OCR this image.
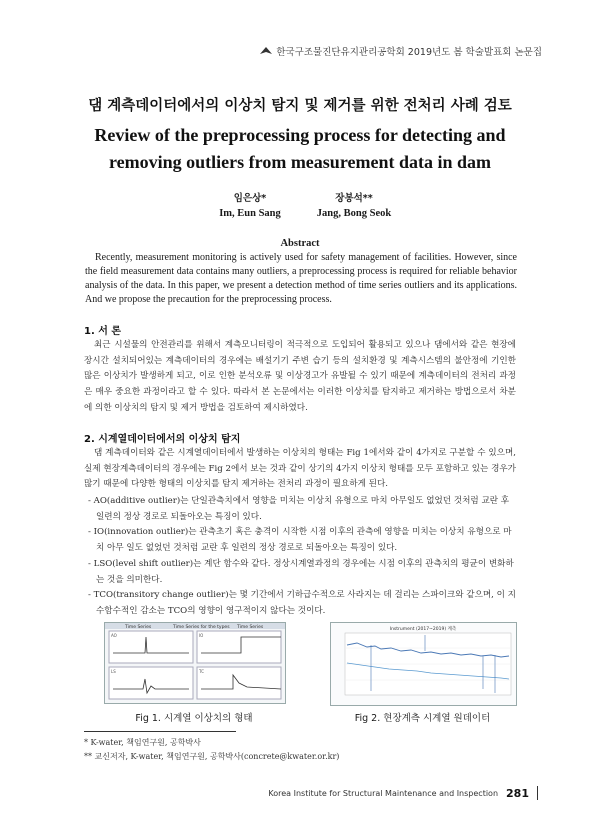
한국구조물진단유지관리공학회 2019년도 봄 학술발표회 논문집
댐 계측데이터에서의 이상치 탐지 및 제거를 위한 전처리 사례 검토
Review of the preprocessing process for detecting and removing outliers from measurement data in dam
임은상*
Im, Eun Sang
장봉석**
Jang, Bong Seok
Abstract
Recently, measurement monitoring is actively used for safety management of facilities. However, since the field measurement data contains many outliers, a preprocessing process is required for reliable behavior analysis of the data. In this paper, we present a detection method of time series outliers and its applications. And we propose the precaution for the preprocessing process.
1. 서 론
최근 시설물의 안전관리를 위해서 계측모니터링이 적극적으로 도입되어 활용되고 있으나 댐에서와 같은 현장에 장시간 설치되어있는 계측데이터의 경우에는 배설기기 주변 습기 등의 설치환경 및 계측시스템의 불안정에 기인한 많은 이상치가 발생하게 되고, 이로 인한 분석오류 및 이상경고가 유발될 수 있기 때문에 계측데이터의 전처리 과정은 매우 중요한 과정이라고 할 수 있다. 따라서 본 논문에서는 이러한 이상치를 탐지하고 제거하는 방법으로서 차분에 의한 이상치의 탐지 및 제거 방법을 검토하여 제시하였다.
2. 시계열데이터에서의 이상치 탐지
댐 계측데이터와 같은 시계열데이터에서 발생하는 이상치의 형태는 Fig 1에서와 같이 4가지로 구분할 수 있으며, 실제 현장계측데이터의 경우에는 Fig 2에서 보는 것과 같이 상기의 4가지 이상치 형태를 모두 포함하고 있는 경우가 많기 때문에 다양한 형태의 이상치를 탐지 제거하는 전처리 과정이 필요하게 된다.
- AO(additive outlier)는 단일관측치에서 영향을 미치는 이상치 유형으로 마치 아무일도 없었던 것처럼 교란 후 일련의 정상 경로로 되돌아오는 특징이 있다.
- IO(innovation outlier)는 관측초기 혹은 충격이 시작한 시점 이후의 관측에 영향을 미치는 이상치 유형으로 마치 아무 일도 없었던 것처럼 교란 후 일련의 정상 경로로 되돌아오는 특징이 있다.
- LSO(level shift outlier)는 계단 함수와 같다. 정상시계열과정의 경우에는 시점 이후의 관측치의 평균이 변화하는 것을 의미한다.
- TCO(transitory change outlier)는 몇 기간에서 기하급수적으로 사라지는 데 걸리는 스파이크와 같으며, 이 지수함수적인 감소는 TCO의 영향이 영구적이지 않다는 것이다.
Time Series	Time Series for the types Time Series
AO	IO
LS	TC
Fig 1. 시계열 이상치의 형태
Instrument (2017~2019) 계측
Fig 2. 현장계측 시계열 원데이터
* K-water, 책임연구원, 공학박사
** 교신저자, K-water, 책임연구원, 공학박사(concrete@kwater.or.kr)
Korea Institute for Structural Maintenance and Inspection 281
